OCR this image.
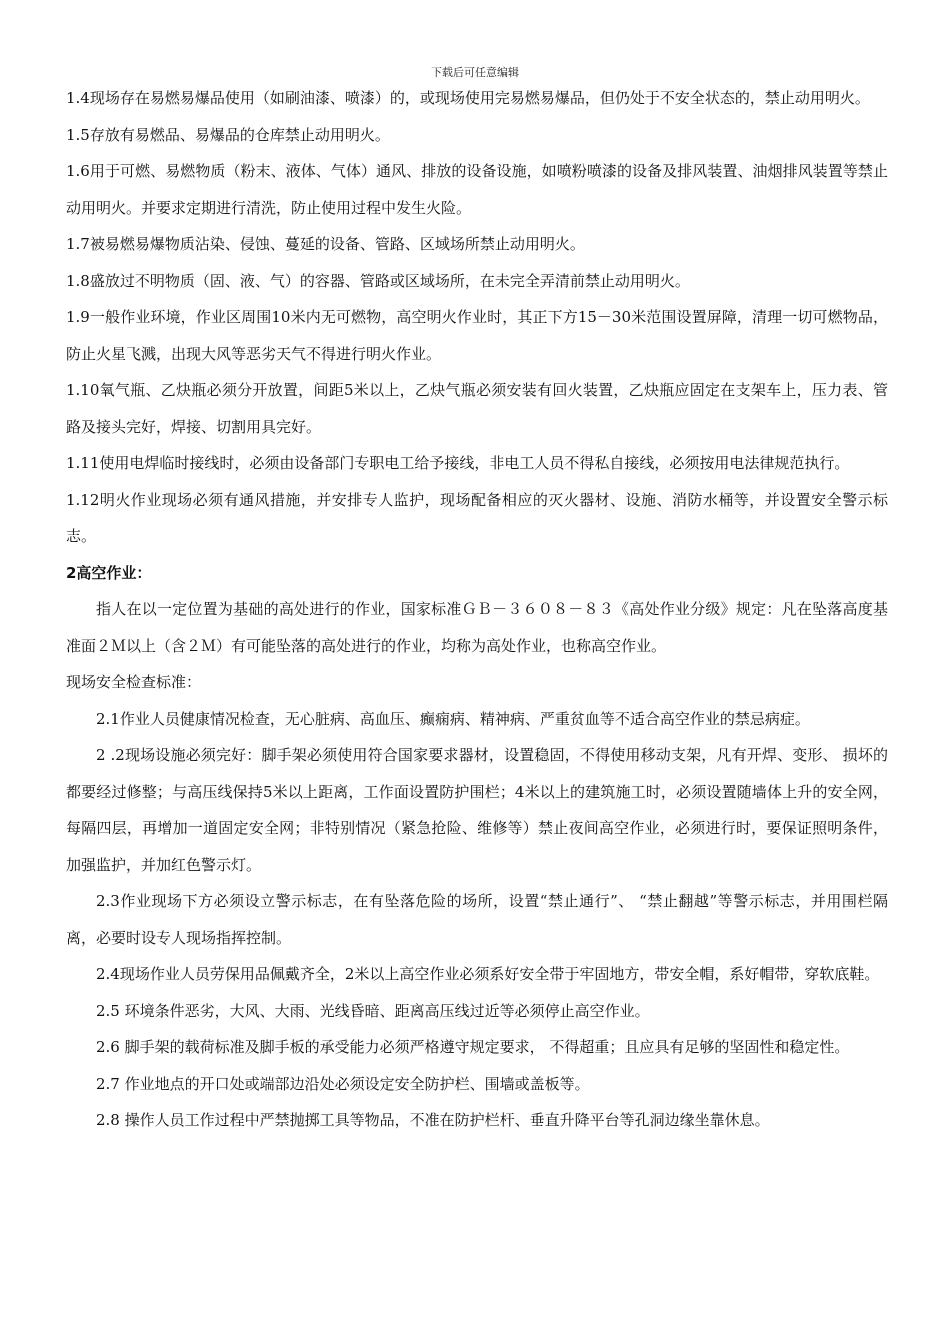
下载后可任意编辑

1.4现场存在易燃易爆品使用（如刷油漆、喷漆）的，或现场使用完易燃易爆品，但仍处于不安全状态的，禁止动用明火。

1.5存放有易燃品、易爆品的仓库禁止动用明火。

1.6用于可燃、易燃物质（粉末、液体、气体）通风、排放的设备设施，如喷粉喷漆的设备及排风装置、油烟排风装置等禁止动用明火。并要求定期进行清洗，防止使用过程中发生火险。

1.7被易燃易爆物质沾染、侵蚀、蔓延的设备、管路、区域场所禁止动用明火。

1.8盛放过不明物质（固、液、气）的容器、管路或区域场所，在未完全弄清前禁止动用明火。

1.9一般作业环境，作业区周围10米内无可燃物，高空明火作业时，其正下方15－30米范围设置屏障，清理一切可燃物品，防止火星飞溅，出现大风等恶劣天气不得进行明火作业。

1.10氧气瓶、乙炔瓶必须分开放置，间距5米以上，乙炔气瓶必须安装有回火装置，乙炔瓶应固定在支架车上，压力表、管路及接头完好，焊接、切割用具完好。

1.11使用电焊临时接线时，必须由设备部门专职电工给予接线，非电工人员不得私自接线，必须按用电法律规范执行。

1.12明火作业现场必须有通风措施，并安排专人监护，现场配备相应的灭火器材、设施、消防水桶等，并设置安全警示标志。

2高空作业：

指人在以一定位置为基础的高处进行的作业，国家标准ＧＢ－３６０８－８３《高处作业分级》规定：凡在坠落高度基准面２Ｍ以上（含２Ｍ）有可能坠落的高处进行的作业，均称为高处作业，也称高空作业。

现场安全检查标准：

2.1作业人员健康情况检查，无心脏病、高血压、癫痫病、精神病、严重贫血等不适合高空作业的禁忌病症。

2 .2现场设施必须完好：脚手架必须使用符合国家要求器材，设置稳固，不得使用移动支架，凡有开焊、变形、 损坏的都要经过修整；与高压线保持5米以上距离，工作面设置防护围栏；4米以上的建筑施工时，必须设置随墙体上升的安全网，每隔四层，再增加一道固定安全网；非特别情况（紧急抢险、维修等）禁止夜间高空作业，必须进行时，要保证照明条件，加强监护，并加红色警示灯。

2.3作业现场下方必须设立警示标志，在有坠落危险的场所，设置“禁止通行”、 “禁止翻越”等警示标志，并用围栏隔离，必要时设专人现场指挥控制。

2.4现场作业人员劳保用品佩戴齐全，2米以上高空作业必须系好安全带于牢固地方，带安全帽，系好帽带，穿软底鞋。

2.5 环境条件恶劣，大风、大雨、光线昏暗、距离高压线过近等必须停止高空作业。

2.6 脚手架的载荷标准及脚手板的承受能力必须严格遵守规定要求， 不得超重；且应具有足够的坚固性和稳定性。

2.7 作业地点的开口处或端部边沿处必须设定安全防护栏、围墙或盖板等。

2.8 操作人员工作过程中严禁抛掷工具等物品，不准在防护栏杆、垂直升降平台等孔洞边缘坐靠休息。
